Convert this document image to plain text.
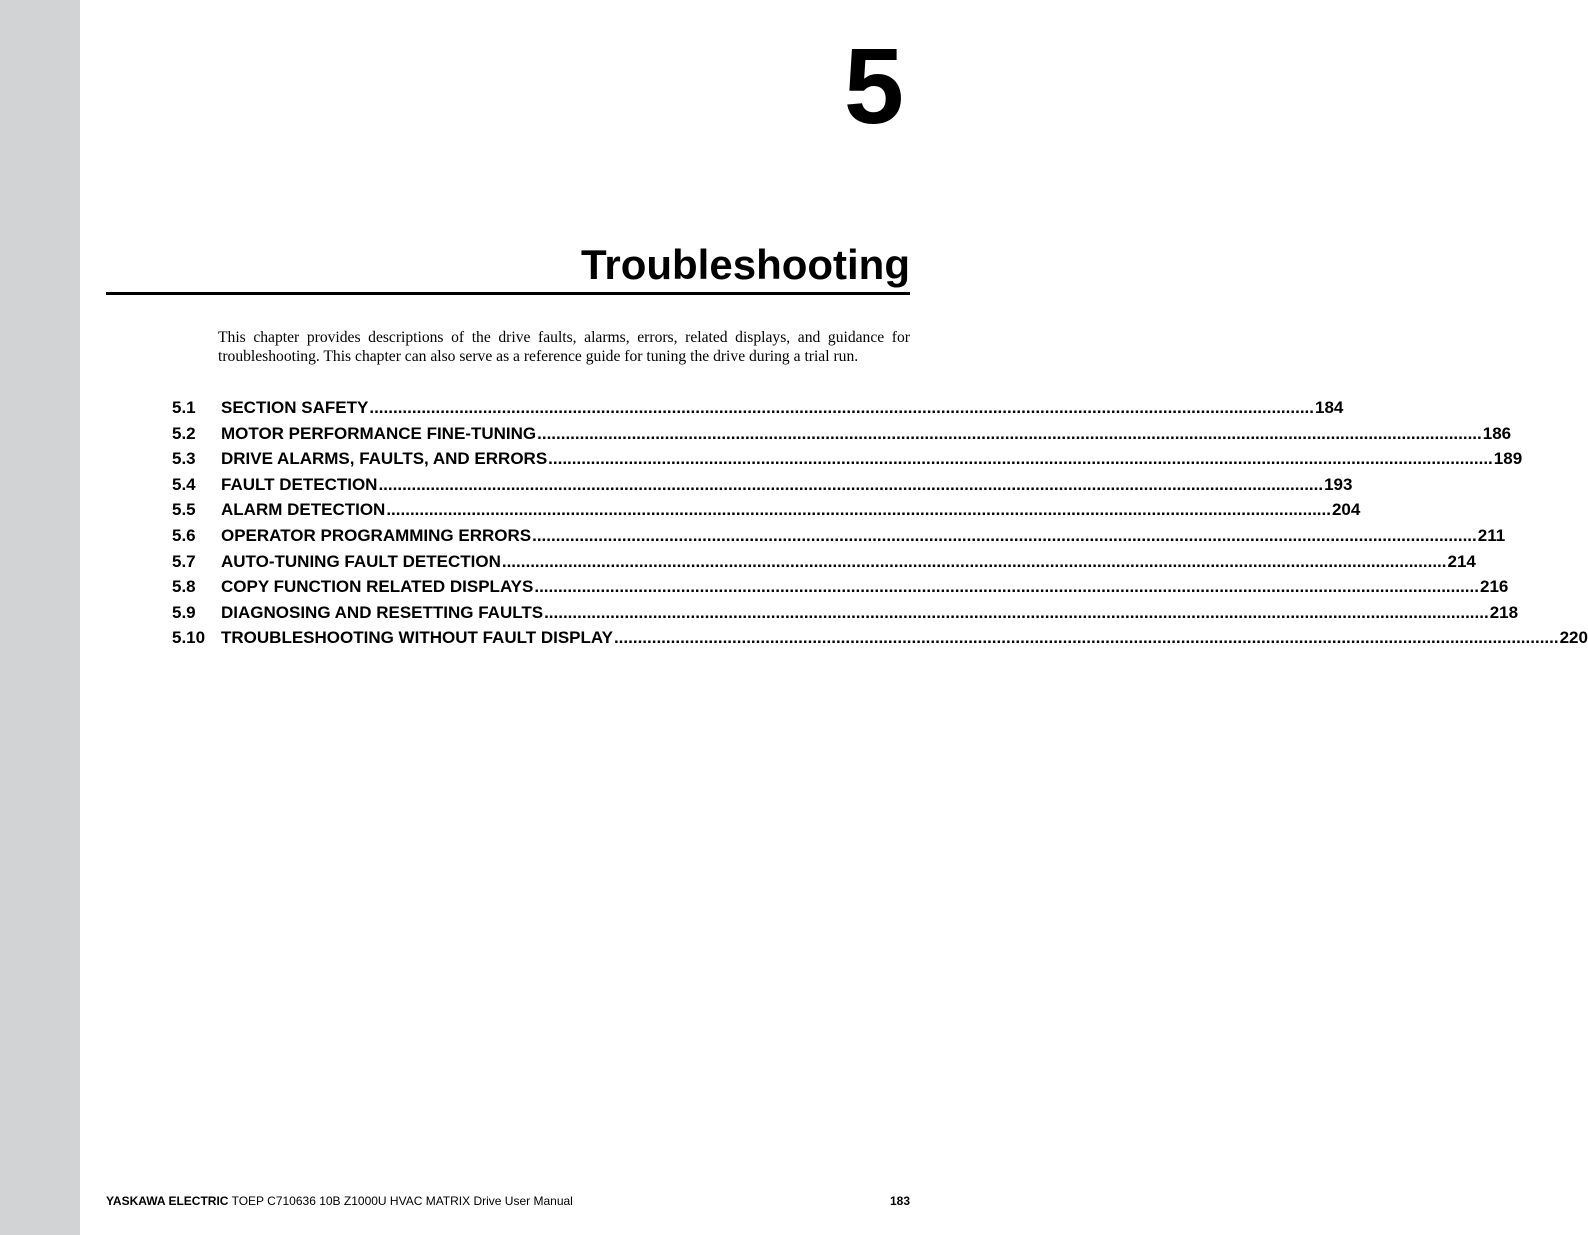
5
Troubleshooting

This chapter provides descriptions of the drive faults, alarms, errors, related displays, and guidance for troubleshooting. This chapter can also serve as a reference guide for tuning the drive during a trial run.

5.1	SECTION SAFETY ........................................................................................................................................................................................................ 184
5.2	MOTOR PERFORMANCE FINE-TUNING ........................................................................................................................................................................................................ 186
5.3	DRIVE ALARMS, FAULTS, AND ERRORS ........................................................................................................................................................................................................ 189
5.4	FAULT DETECTION ........................................................................................................................................................................................................ 193
5.5	ALARM DETECTION ........................................................................................................................................................................................................ 204
5.6	OPERATOR PROGRAMMING ERRORS ........................................................................................................................................................................................................ 211
5.7	AUTO-TUNING FAULT DETECTION ........................................................................................................................................................................................................ 214
5.8	COPY FUNCTION RELATED DISPLAYS ........................................................................................................................................................................................................ 216
5.9	DIAGNOSING AND RESETTING FAULTS ........................................................................................................................................................................................................ 218
5.10 TROUBLESHOOTING WITHOUT FAULT DISPLAY ........................................................................................................................................................................................................ 220
YASKAWA ELECTRIC TOEP C710636 10B Z1000U HVAC MATRIX Drive User Manual	183
